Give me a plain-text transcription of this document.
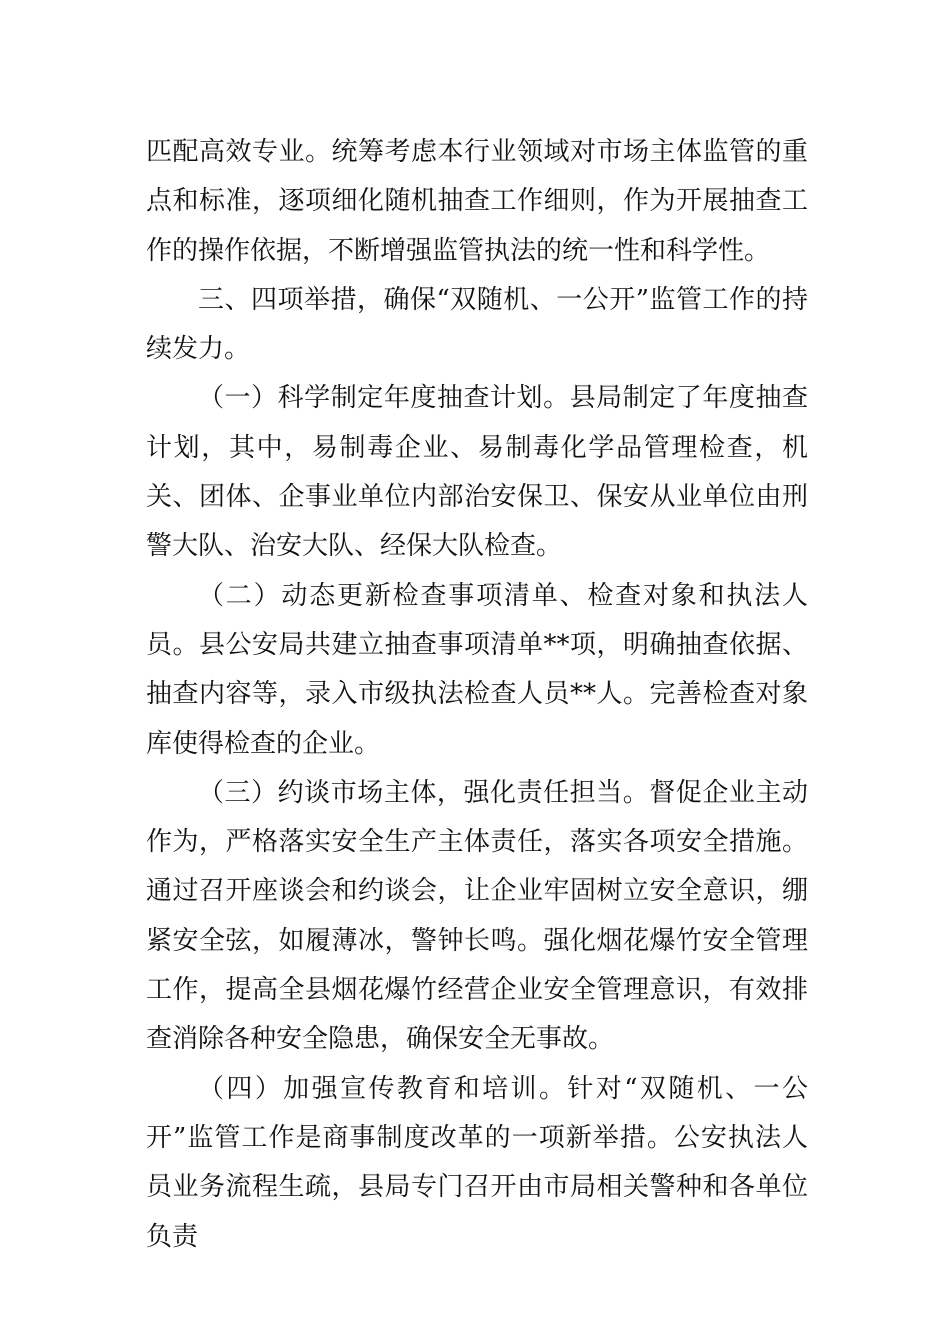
匹配高效专业。统筹考虑本行业领域对市场主体监管的重点和标准，逐项细化随机抽查工作细则，作为开展抽查工作的操作依据，不断增强监管执法的统一性和科学性。

三、四项举措，确保“双随机、一公开”监管工作的持续发力。

（一）科学制定年度抽查计划。县局制定了年度抽查计划，其中，易制毒企业、易制毒化学品管理检查，机关、团体、企事业单位内部治安保卫、保安从业单位由刑警大队、治安大队、经保大队检查。

（二）动态更新检查事项清单、检查对象和执法人员。县公安局共建立抽查事项清单**项，明确抽查依据、抽查内容等，录入市级执法检查人员**人。完善检查对象库使得检查的企业。

（三）约谈市场主体，强化责任担当。督促企业主动作为，严格落实安全生产主体责任，落实各项安全措施。通过召开座谈会和约谈会，让企业牢固树立安全意识，绷紧安全弦，如履薄冰，警钟长鸣。强化烟花爆竹安全管理工作，提高全县烟花爆竹经营企业安全管理意识，有效排查消除各种安全隐患，确保安全无事故。

（四）加强宣传教育和培训。针对“双随机、一公开”监管工作是商事制度改革的一项新举措。公安执法人员业务流程生疏，县局专门召开由市局相关警种和各单位负责
